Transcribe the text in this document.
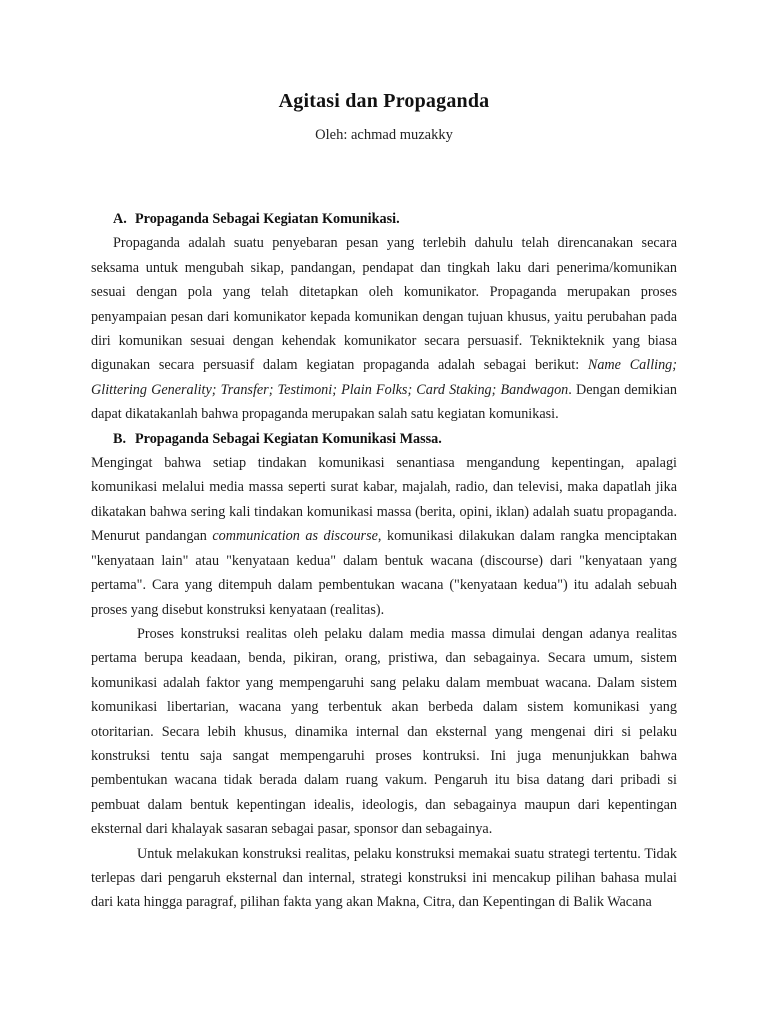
Agitasi dan Propaganda
Oleh: achmad muzakky
A. Propaganda Sebagai Kegiatan Komunikasi.

Propaganda adalah suatu penyebaran pesan yang terlebih dahulu telah direncanakan secara seksama untuk mengubah sikap, pandangan, pendapat dan tingkah laku dari penerima/komunikan sesuai dengan pola yang telah ditetapkan oleh komunikator. Propaganda merupakan proses penyampaian pesan dari komunikator kepada komunikan dengan tujuan khusus, yaitu perubahan pada diri komunikan sesuai dengan kehendak komunikator secara persuasif. Teknikteknik yang biasa digunakan secara persuasif dalam kegiatan propaganda adalah sebagai berikut: Name Calling; Glittering Generality; Transfer; Testimoni; Plain Folks; Card Staking; Bandwagon. Dengan demikian dapat dikatakanlah bahwa propaganda merupakan salah satu kegiatan komunikasi.

B. Propaganda Sebagai Kegiatan Komunikasi Massa.

Mengingat bahwa setiap tindakan komunikasi senantiasa mengandung kepentingan, apalagi komunikasi melalui media massa seperti surat kabar, majalah, radio, dan televisi, maka dapatlah jika dikatakan bahwa sering kali tindakan komunikasi massa (berita, opini, iklan) adalah suatu propaganda. Menurut pandangan communication as discourse, komunikasi dilakukan dalam rangka menciptakan "kenyataan lain" atau "kenyataan kedua" dalam bentuk wacana (discourse) dari "kenyataan yang pertama". Cara yang ditempuh dalam pembentukan wacana ("kenyataan kedua") itu adalah sebuah proses yang disebut konstruksi kenyataan (realitas).

Proses konstruksi realitas oleh pelaku dalam media massa dimulai dengan adanya realitas pertama berupa keadaan, benda, pikiran, orang, pristiwa, dan sebagainya. Secara umum, sistem komunikasi adalah faktor yang mempengaruhi sang pelaku dalam membuat wacana. Dalam sistem komunikasi libertarian, wacana yang terbentuk akan berbeda dalam sistem komunikasi yang otoritarian. Secara lebih khusus, dinamika internal dan eksternal yang mengenai diri si pelaku konstruksi tentu saja sangat mempengaruhi proses kontruksi. Ini juga menunjukkan bahwa pembentukan wacana tidak berada dalam ruang vakum. Pengaruh itu bisa datang dari pribadi si pembuat dalam bentuk kepentingan idealis, ideologis, dan sebagainya maupun dari kepentingan eksternal dari khalayak sasaran sebagai pasar, sponsor dan sebagainya.

Untuk melakukan konstruksi realitas, pelaku konstruksi memakai suatu strategi tertentu. Tidak terlepas dari pengaruh eksternal dan internal, strategi konstruksi ini mencakup pilihan bahasa mulai dari kata hingga paragraf, pilihan fakta yang akan Makna, Citra, dan Kepentingan di Balik Wacana
